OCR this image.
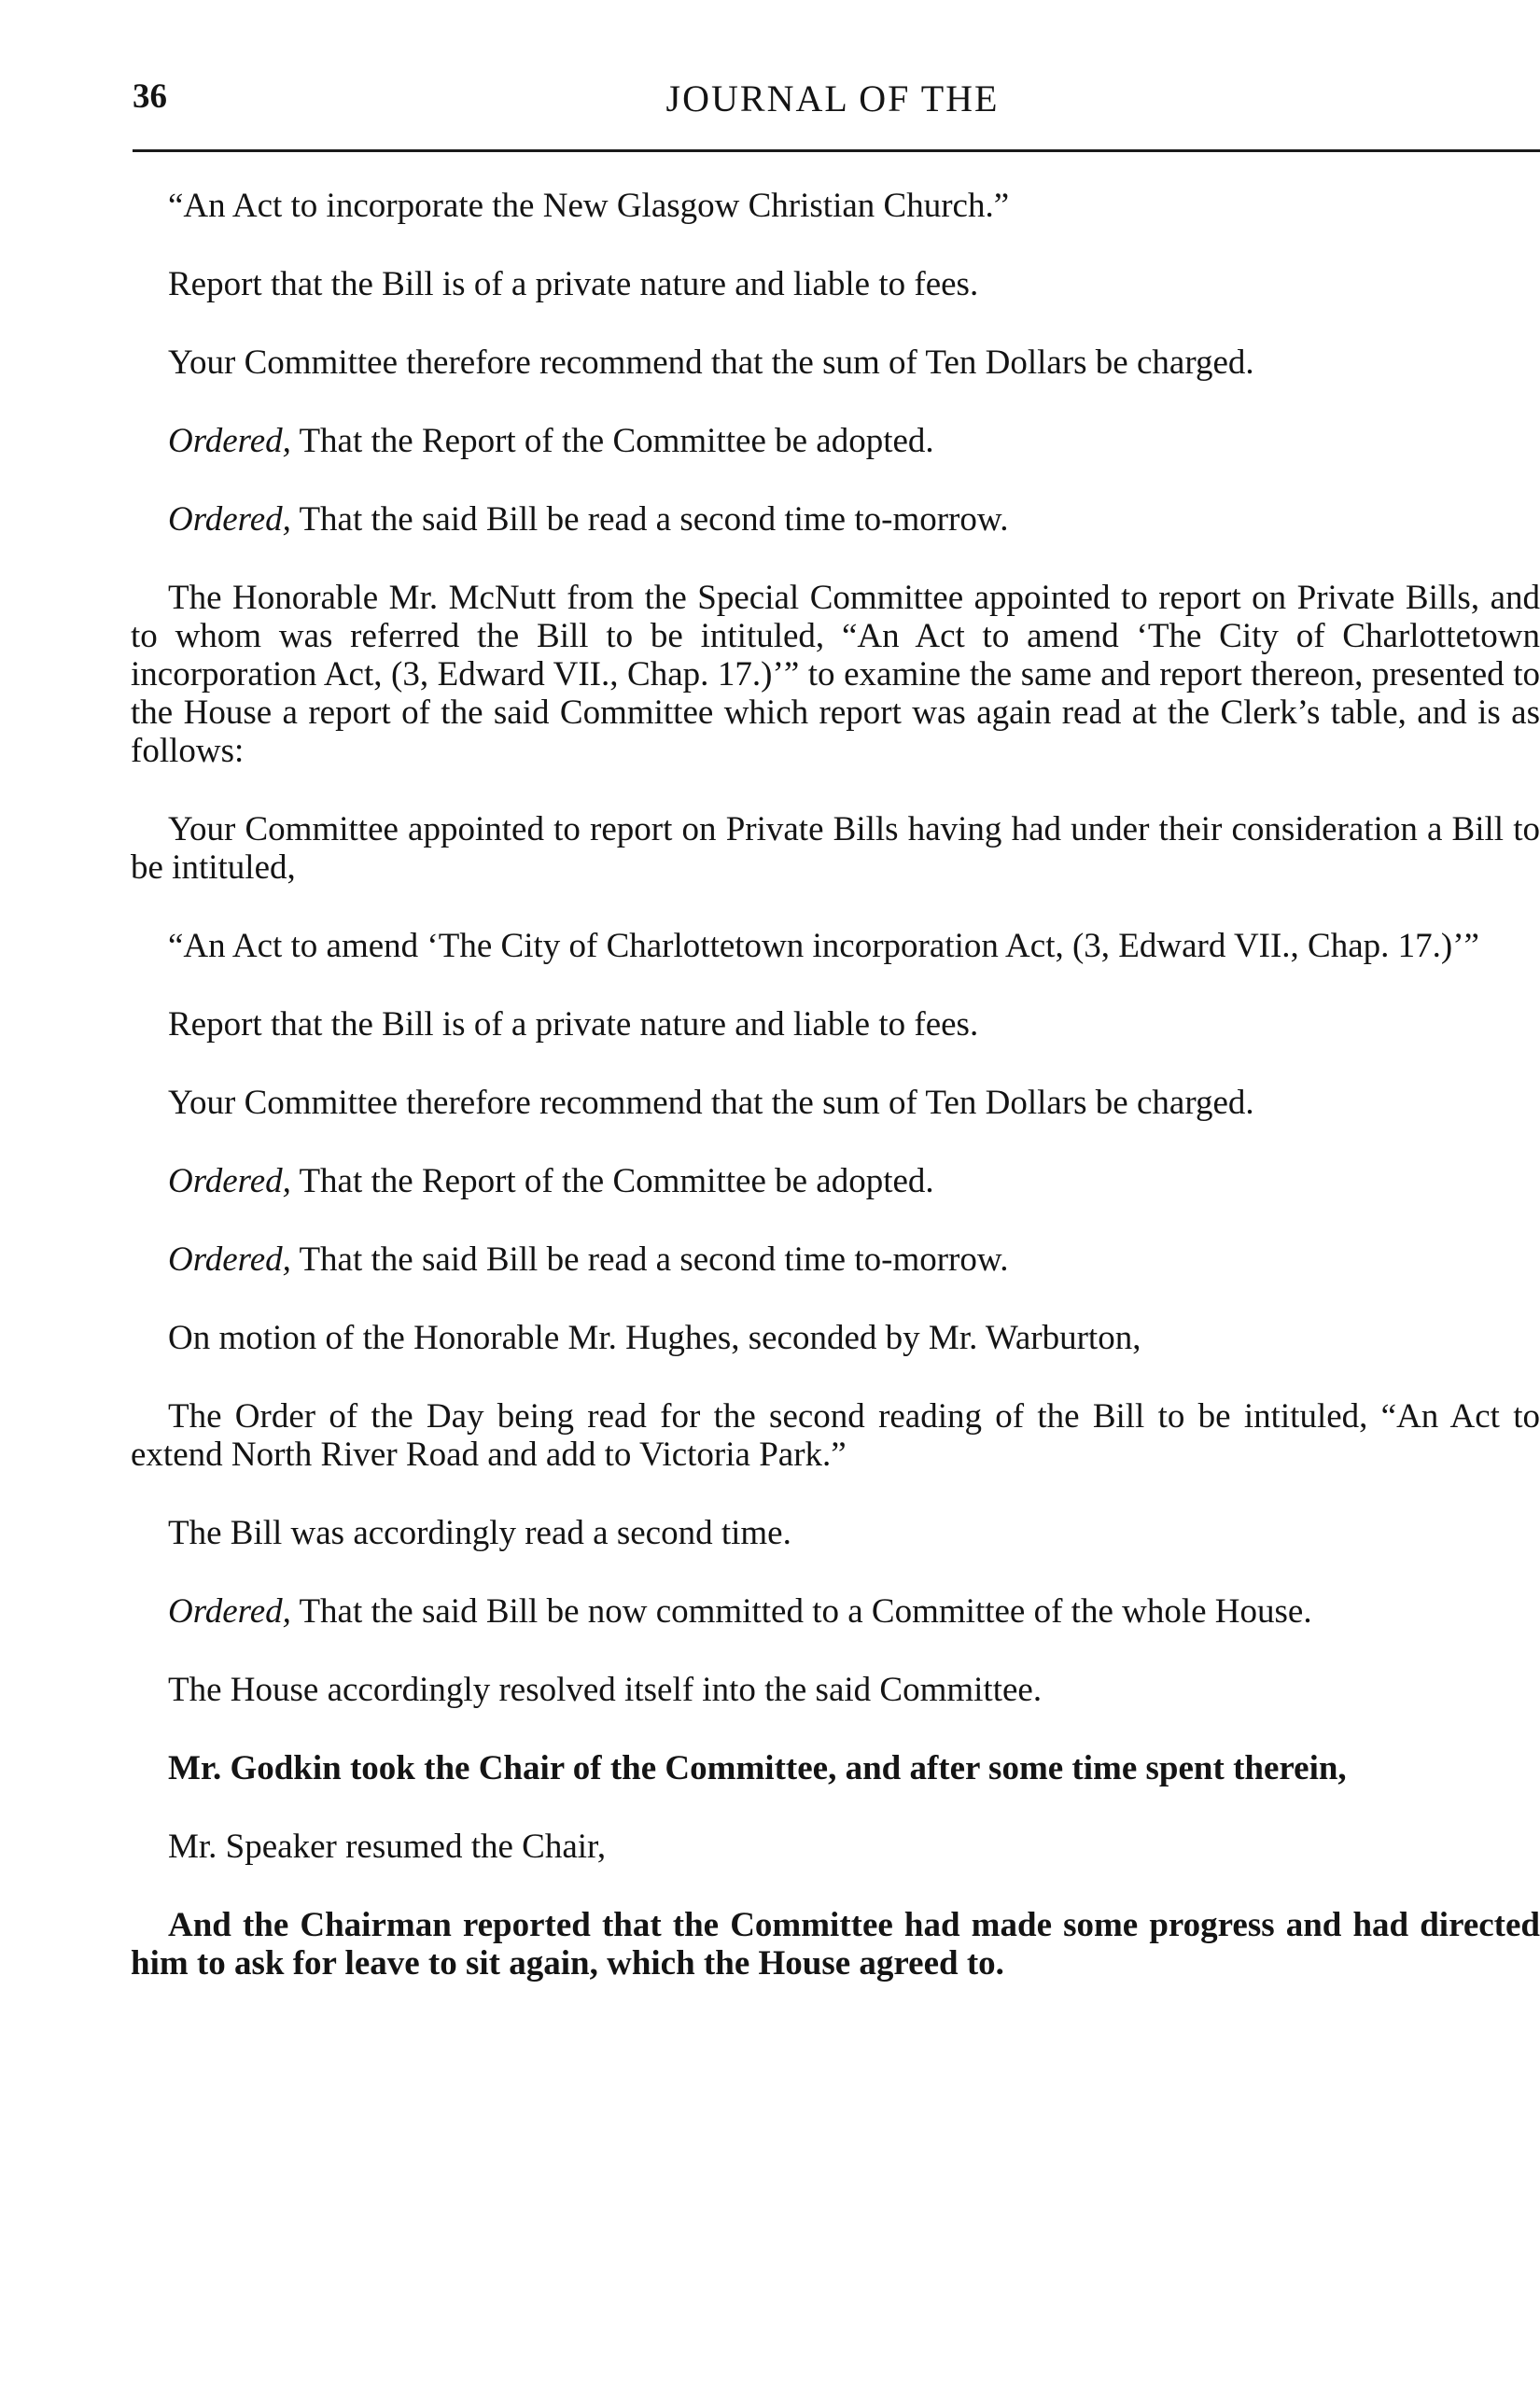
36	JOURNAL OF THE

“An Act to incorporate the New Glasgow Christian Church.”

Report that the Bill is of a private nature and liable to fees.

Your Committee therefore recommend that the sum of Ten Dollars be charged.

Ordered, That the Report of the Committee be adopted.

Ordered, That the said Bill be read a second time to-morrow.

The Honorable Mr. McNutt from the Special Committee appointed to report on Private Bills, and to whom was referred the Bill to be intituled, “An Act to amend ‘The City of Charlottetown incorporation Act, (3, Edward VII., Chap. 17.)’” to examine the same and report thereon, presented to the House a report of the said Committee which report was again read at the Clerk’s table, and is as follows:

Your Committee appointed to report on Private Bills having had under their consideration a Bill to be intituled,

“An Act to amend ‘The City of Charlottetown incorporation Act, (3, Edward VII., Chap. 17.)’”

Report that the Bill is of a private nature and liable to fees.

Your Committee therefore recommend that the sum of Ten Dollars be charged.

Ordered, That the Report of the Committee be adopted.

Ordered, That the said Bill be read a second time to-morrow.

On motion of the Honorable Mr. Hughes, seconded by Mr. Warburton,

The Order of the Day being read for the second reading of the Bill to be intituled, “An Act to extend North River Road and add to Victoria Park.”

The Bill was accordingly read a second time.

Ordered, That the said Bill be now committed to a Committee of the whole House.

The House accordingly resolved itself into the said Committee.

Mr. Godkin took the Chair of the Committee, and after some time spent therein,

Mr. Speaker resumed the Chair,

And the Chairman reported that the Committee had made some progress and had directed him to ask for leave to sit again, which the House agreed to.
